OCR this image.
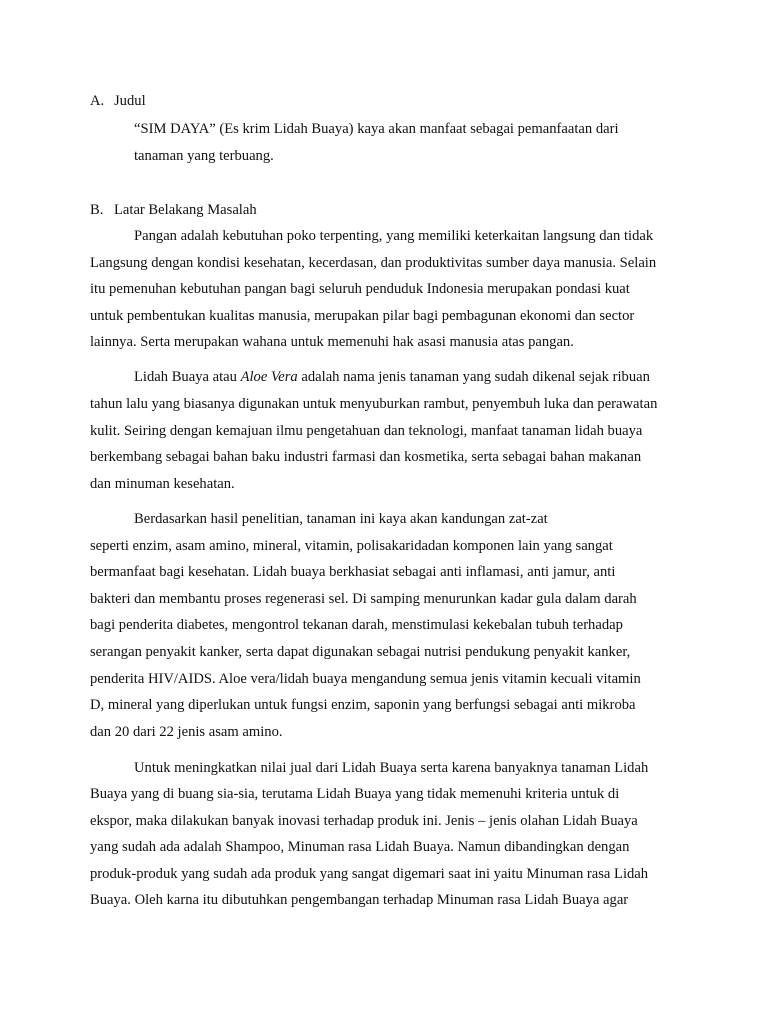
A. Judul
“SIM DAYA” (Es krim Lidah Buaya) kaya akan manfaat sebagai pemanfaatan dari
tanaman yang terbuang.
B. Latar Belakang Masalah
Pangan adalah kebutuhan poko terpenting, yang memiliki keterkaitan langsung dan tidak
Langsung dengan kondisi kesehatan, kecerdasan, dan produktivitas sumber daya manusia. Selain
itu pemenuhan kebutuhan pangan bagi seluruh penduduk Indonesia merupakan pondasi kuat
untuk pembentukan kualitas manusia, merupakan pilar bagi pembagunan ekonomi dan sector
lainnya. Serta merupakan wahana untuk memenuhi hak asasi manusia atas pangan.
Lidah Buaya atau Aloe Vera adalah nama jenis tanaman yang sudah dikenal sejak ribuan
tahun lalu yang biasanya digunakan untuk menyuburkan rambut, penyembuh luka dan perawatan
kulit. Seiring dengan kemajuan ilmu pengetahuan dan teknologi, manfaat tanaman lidah buaya
berkembang sebagai bahan baku industri farmasi dan kosmetika, serta sebagai bahan makanan
dan minuman kesehatan.
Berdasarkan hasil penelitian, tanaman ini kaya akan kandungan zat-zat
seperti enzim, asam amino, mineral, vitamin, polisakaridadan komponen lain yang sangat
bermanfaat bagi kesehatan. Lidah buaya berkhasiat sebagai anti inflamasi, anti jamur, anti
bakteri dan membantu proses regenerasi sel. Di samping menurunkan kadar gula dalam darah
bagi penderita diabetes, mengontrol tekanan darah, menstimulasi kekebalan tubuh terhadap
serangan penyakit kanker, serta dapat digunakan sebagai nutrisi pendukung penyakit kanker,
penderita HIV/AIDS. Aloe vera/lidah buaya mengandung semua jenis vitamin kecuali vitamin
D, mineral yang diperlukan untuk fungsi enzim, saponin yang berfungsi sebagai anti mikroba
dan 20 dari 22 jenis asam amino.
Untuk meningkatkan nilai jual dari Lidah Buaya serta karena banyaknya tanaman Lidah
Buaya yang di buang sia-sia, terutama Lidah Buaya yang tidak memenuhi kriteria untuk di
ekspor, maka dilakukan banyak inovasi terhadap produk ini. Jenis – jenis olahan Lidah Buaya
yang sudah ada adalah Shampoo, Minuman rasa Lidah Buaya. Namun dibandingkan dengan
produk-produk yang sudah ada produk yang sangat digemari saat ini yaitu Minuman rasa Lidah
Buaya. Oleh karna itu dibutuhkan pengembangan terhadap Minuman rasa Lidah Buaya agar
